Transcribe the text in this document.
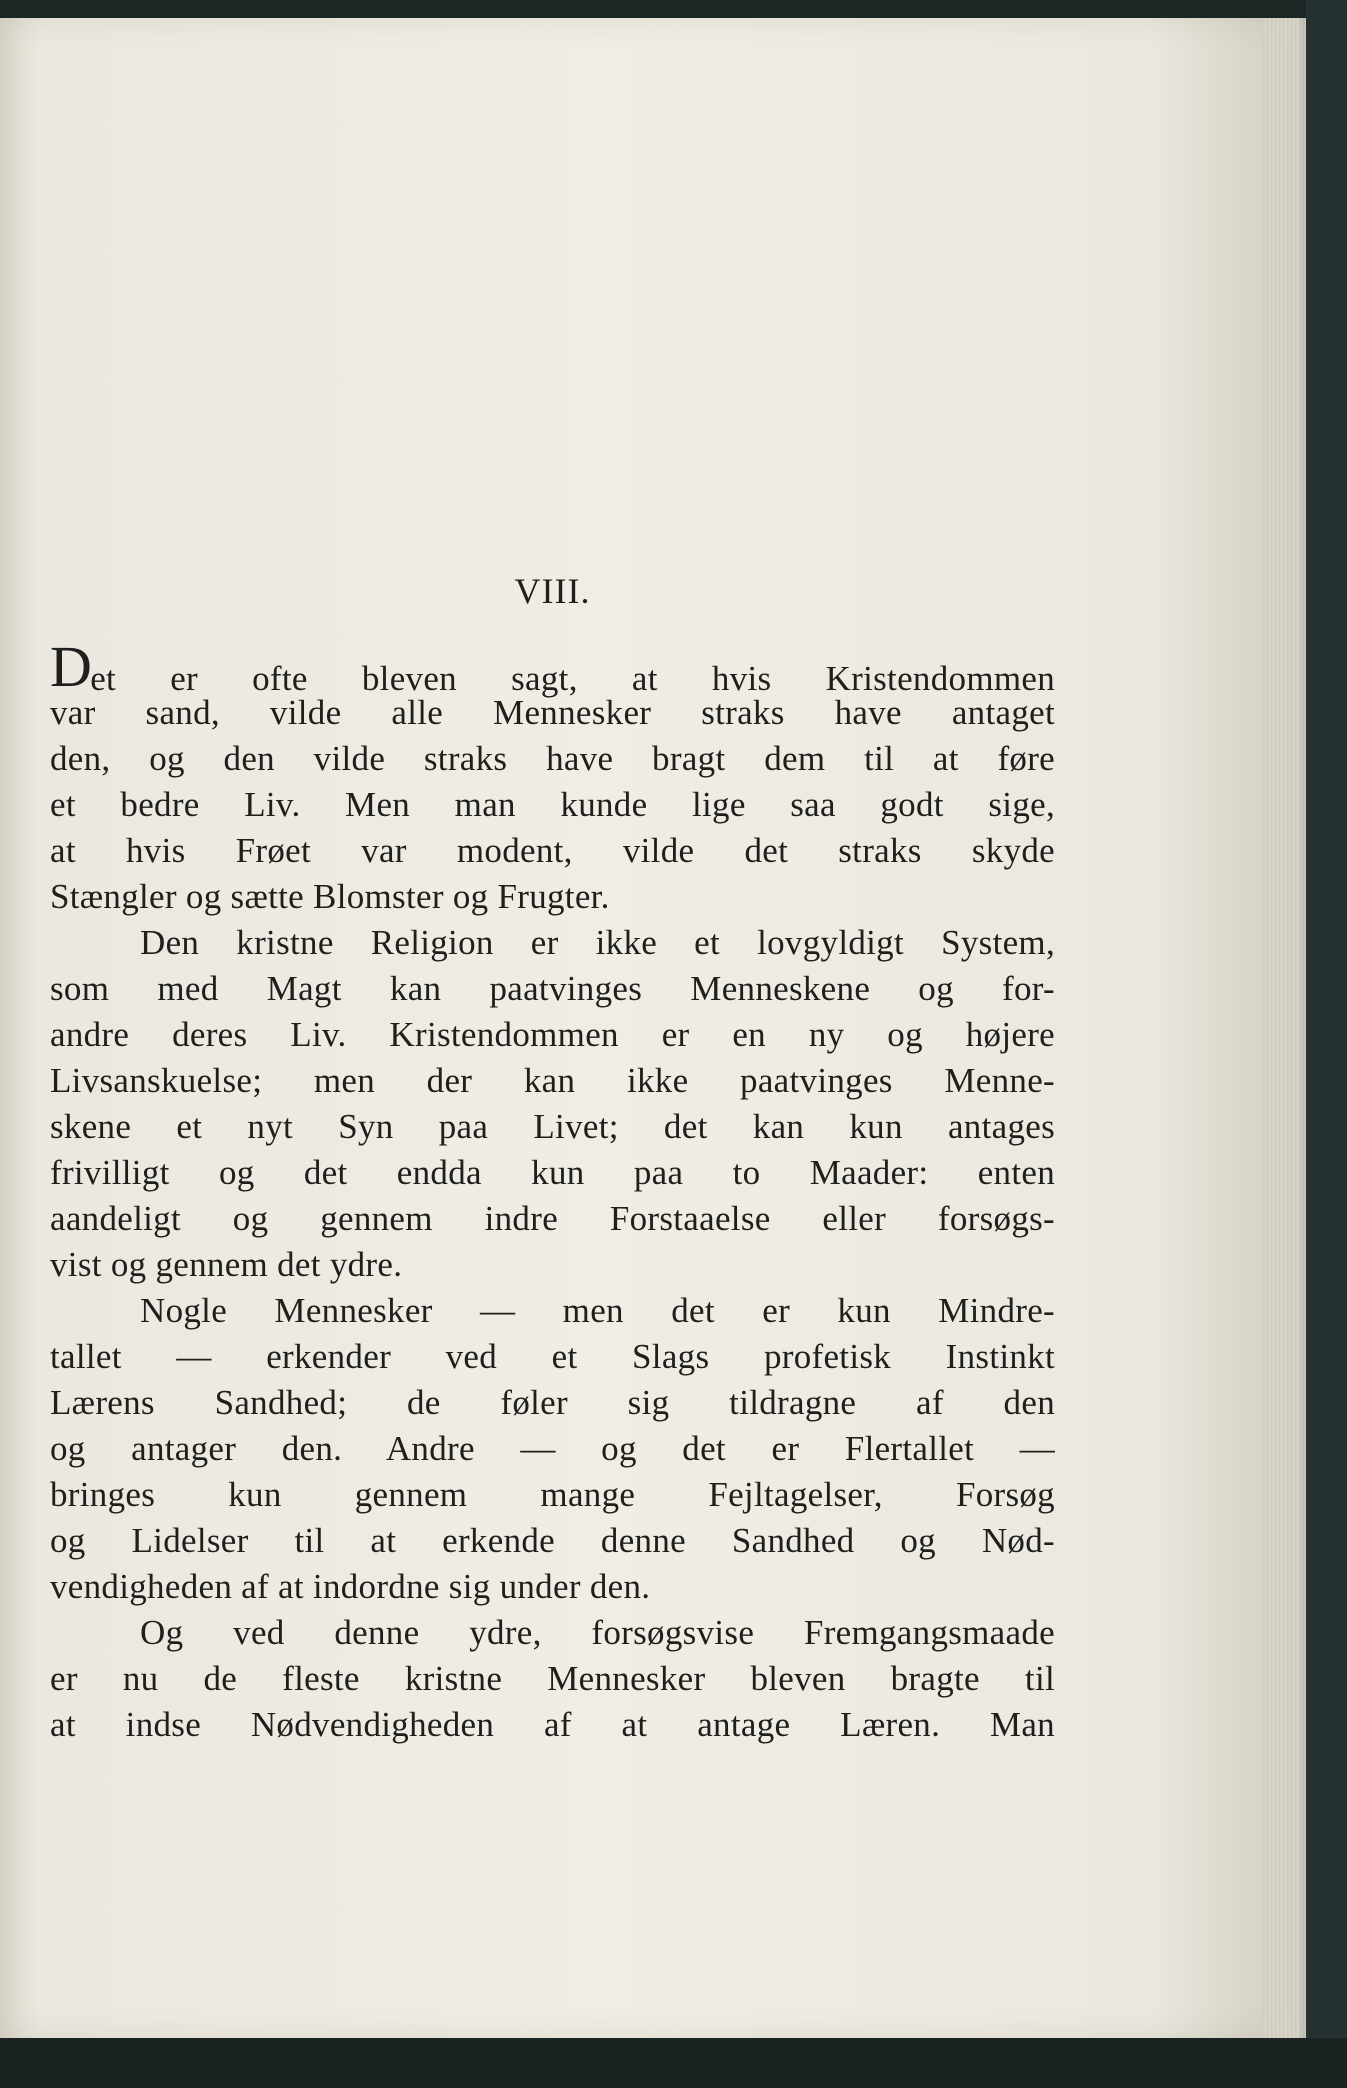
VIII.
Det er ofte bleven sagt, at hvis Kristendommen
var sand, vilde alle Mennesker straks have antaget
den, og den vilde straks have bragt dem til at føre
et bedre Liv. Men man kunde lige saa godt sige,
at hvis Frøet var modent, vilde det straks skyde
Stængler og sætte Blomster og Frugter.
Den kristne Religion er ikke et lovgyldigt System,
som med Magt kan paatvinges Menneskene og for-
andre deres Liv. Kristendommen er en ny og højere
Livsanskuelse; men der kan ikke paatvinges Menne-
skene et nyt Syn paa Livet; det kan kun antages
frivilligt og det endda kun paa to Maader: enten
aandeligt og gennem indre Forstaaelse eller forsøgs-
vist og gennem det ydre.
Nogle Mennesker — men det er kun Mindre-
tallet — erkender ved et Slags profetisk Instinkt
Lærens Sandhed; de føler sig tildragne af den
og antager den. Andre — og det er Flertallet —
bringes kun gennem mange Fejltagelser, Forsøg
og Lidelser til at erkende denne Sandhed og Nød-
vendigheden af at indordne sig under den.
Og ved denne ydre, forsøgsvise Fremgangsmaade
er nu de fleste kristne Mennesker bleven bragte til
at indse Nødvendigheden af at antage Læren. Man
